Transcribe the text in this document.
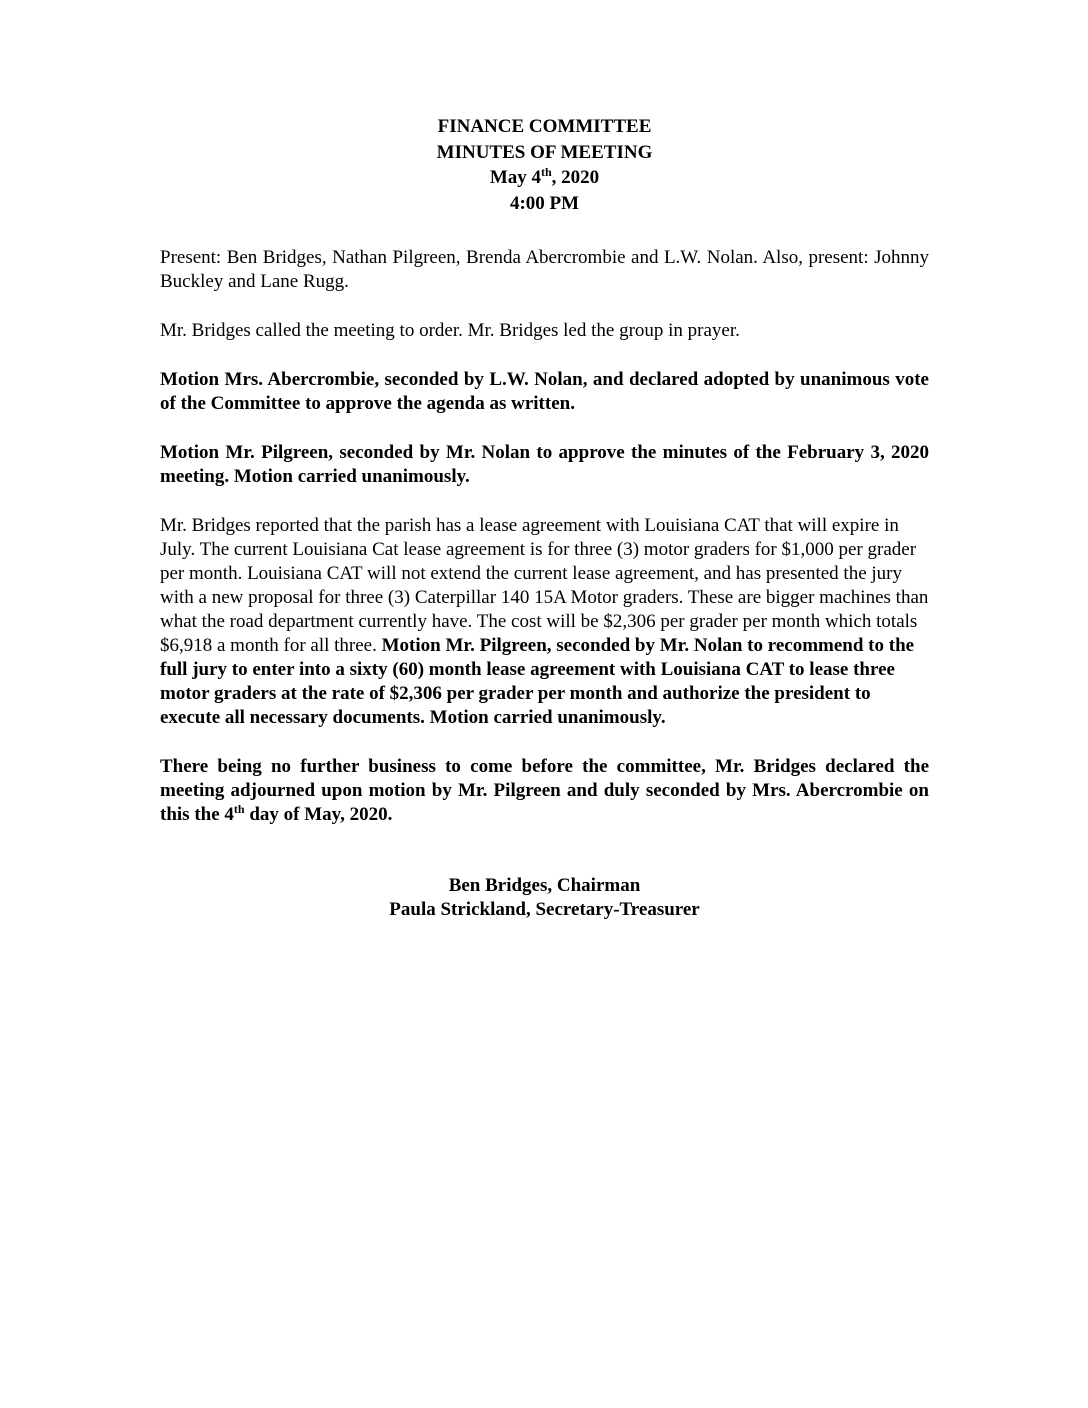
FINANCE COMMITTEE
MINUTES OF MEETING
May 4th, 2020
4:00 PM

Present: Ben Bridges, Nathan Pilgreen, Brenda Abercrombie and L.W. Nolan. Also, present: Johnny Buckley and Lane Rugg.

Mr. Bridges called the meeting to order. Mr. Bridges led the group in prayer.

Motion Mrs. Abercrombie, seconded by L.W. Nolan, and declared adopted by unanimous vote of the Committee to approve the agenda as written.

Motion Mr. Pilgreen, seconded by Mr. Nolan to approve the minutes of the February 3, 2020 meeting. Motion carried unanimously.

Mr. Bridges reported that the parish has a lease agreement with Louisiana CAT that will expire in July. The current Louisiana Cat lease agreement is for three (3) motor graders for $1,000 per grader per month. Louisiana CAT will not extend the current lease agreement, and has presented the jury with a new proposal for three (3) Caterpillar 140 15A Motor graders. These are bigger machines than what the road department currently have. The cost will be $2,306 per grader per month which totals $6,918 a month for all three. Motion Mr. Pilgreen, seconded by Mr. Nolan to recommend to the full jury to enter into a sixty (60) month lease agreement with Louisiana CAT to lease three motor graders at the rate of $2,306 per grader per month and authorize the president to execute all necessary documents. Motion carried unanimously.

There being no further business to come before the committee, Mr. Bridges declared the meeting adjourned upon motion by Mr. Pilgreen and duly seconded by Mrs. Abercrombie on this the 4th day of May, 2020.

Ben Bridges, Chairman
Paula Strickland, Secretary-Treasurer
